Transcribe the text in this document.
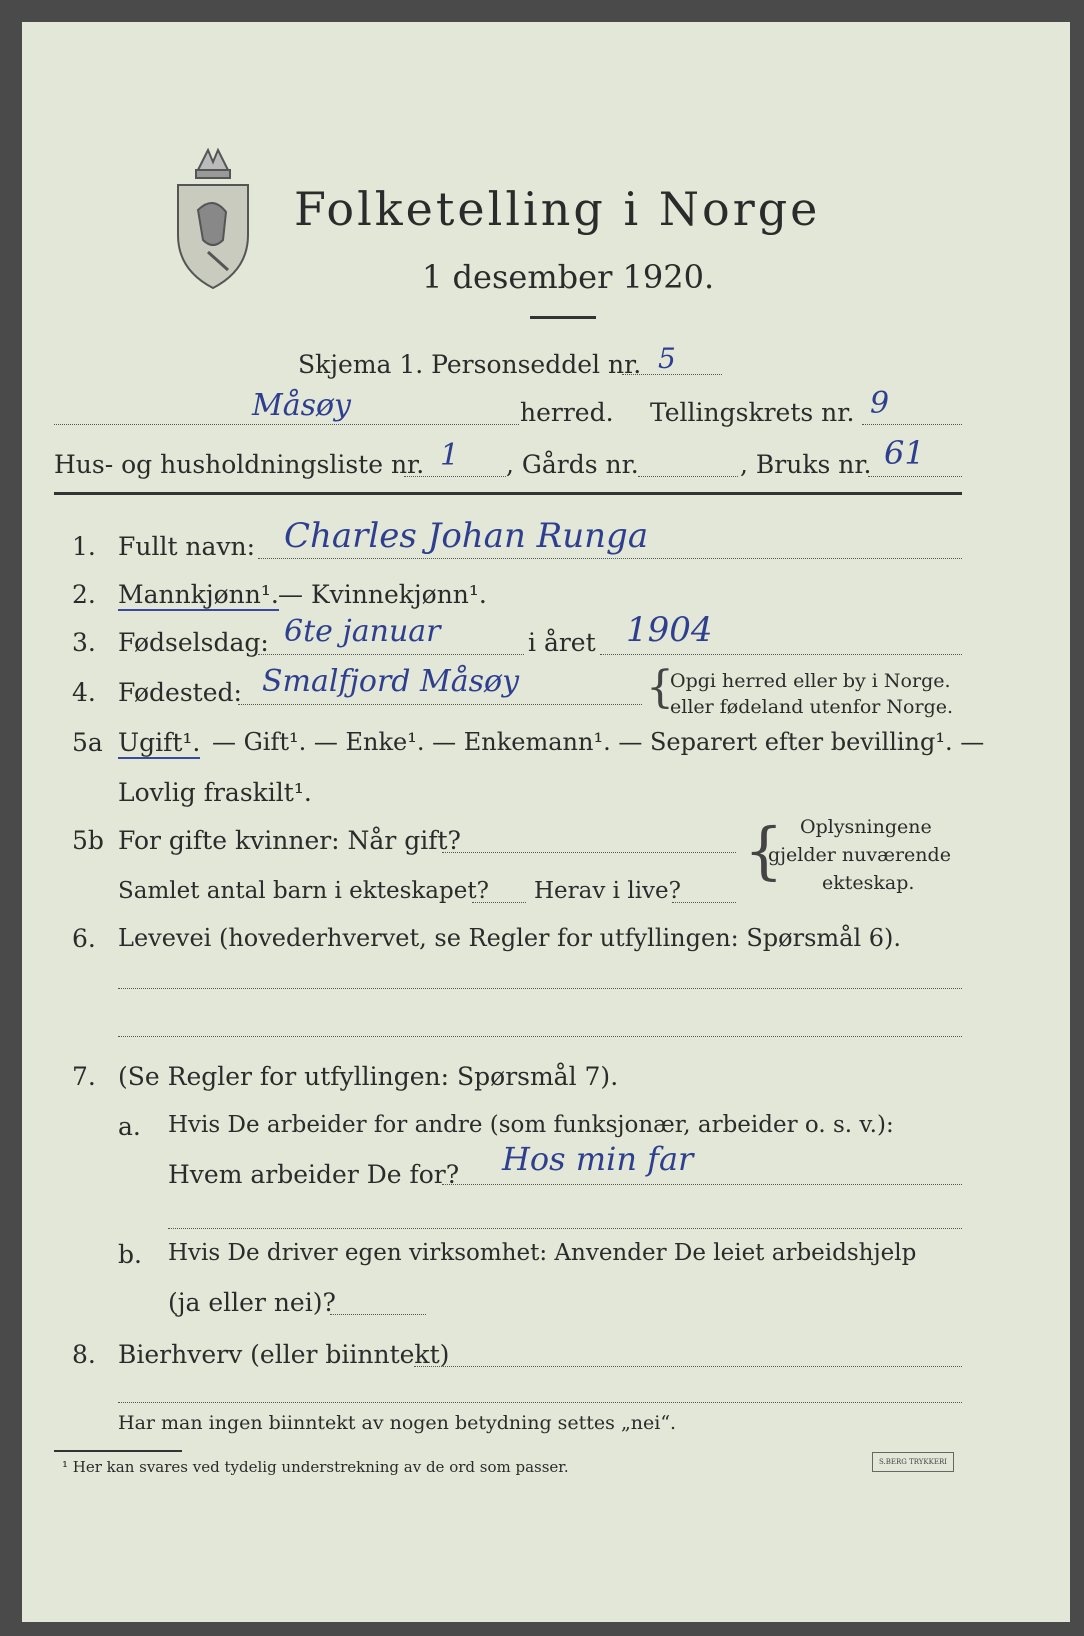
Folketelling i Norge
1 desember 1920.
Skjema 1. Personseddel nr. 5
Måsøy	herred. Tellingskrets nr. 9
Hus- og husholdningsliste nr. 1 , Gårds nr.	, Bruks nr. 61
1. Fullt navn: Charles Johan Runga
2. Mannkjønn¹. — Kvinnekjønn¹.
3. Fødselsdag: 6te januar	i året 1904
4. Fødested: Smalfjord Måsøy	{
Opgi herred eller by i Norge.
eller fødeland utenfor Norge.
5a Ugift¹. — Gift¹. — Enke¹. — Enkemann¹. — Separert efter bevilling¹. —
Lovlig fraskilt¹.
5b For gifte kvinner: Når gift?
Samlet antal barn i ekteskapet? Herav i live?
{ Oplysningene
gjelder nuværende
ekteskap.
6. Levevei (hovederhvervet, se Regler for utfyllingen: Spørsmål 6).
7. (Se Regler for utfyllingen: Spørsmål 7).
a. Hvis De arbeider for andre (som funksjonær, arbeider o. s. v.):
Hvem arbeider De for? Hos min far
b. Hvis De driver egen virksomhet: Anvender De leiet arbeidshjelp
(ja eller nei)?
8. Bierhverv (eller biinntekt)
Har man ingen biinntekt av nogen betydning settes „nei“.
¹ Her kan svares ved tydelig understrekning av de ord som passer.	S.BERG TRYKKERI
